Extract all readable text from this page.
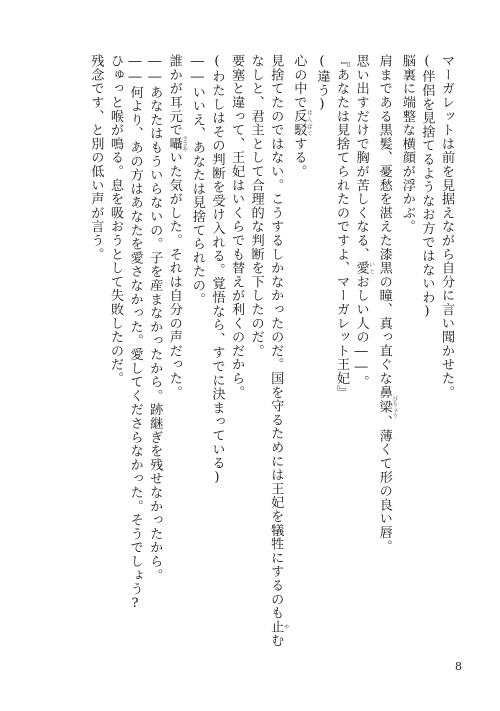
マーガレットは前を見据えながら自分に言い聞かせた。
(伴侶を見捨てるようなお方ではないわ)
脳裏に端整な横顔が浮かぶ。
肩まである黒髪、憂愁を湛えた漆黒の瞳、真っ直ぐな鼻梁 びりょう、薄くて形の良い唇。
思い出すだけで胸が苦しくなる、愛 いとおしい人の――。
『あなたは見捨てられたのですよ、マーガレット王妃』
(違う)
心の中で反駁 はんばくする。
見捨てたのではない。こうするしかなかったのだ。国を守るためには王妃を犠牲にするのも止 やむ
なしと、君主として合理的な判断を下したのだ。
要塞と違って、王妃はいくらでも替えが利くのだから。
(わたしはその判断を受け入れる。覚悟なら、すでに決まっている)
――いいえ、あなたは見捨てられたの。
誰かが耳元で囁 ささやいた気がした。それは自分の声だった。
――あなたはもういらないの。子を産まなかったから。跡継ぎを残せなかったから。
――何より、あの方はあなたを愛さなかった。愛してくださらなかった。そうでしょう?
ひゅっと喉が鳴る。息を吸おうとして失敗したのだ。
残念です、と別の低い声が言う。
8
